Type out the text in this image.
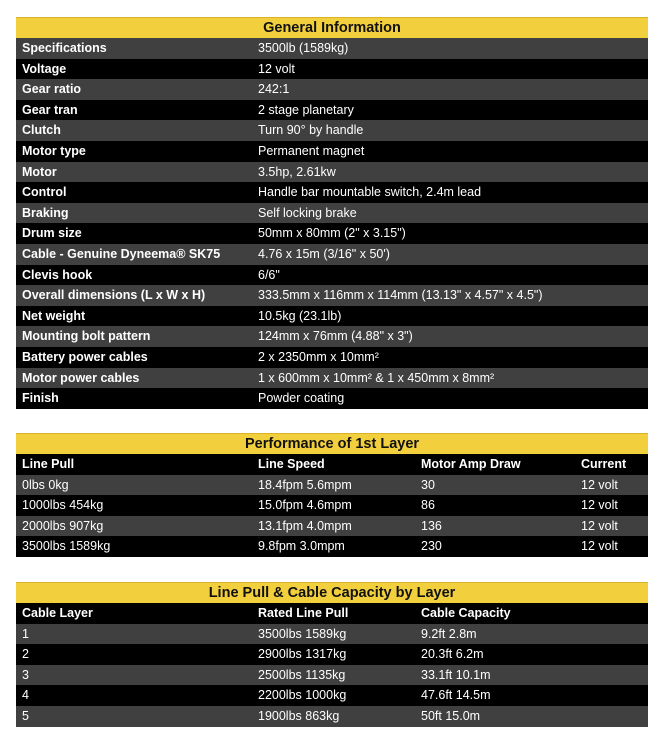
General Information
Specifications	3500lb (1589kg)
Voltage	12 volt
Gear ratio	242:1
Gear tran	2 stage planetary
Clutch	Turn 90° by handle
Motor type	Permanent magnet
Motor	3.5hp, 2.61kw
Control	Handle bar mountable switch, 2.4m lead
Braking	Self locking brake
Drum size	50mm x 80mm (2" x 3.15")
Cable - Genuine Dyneema® SK75	4.76 x 15m (3/16" x 50')
Clevis hook	6/6"
Overall dimensions (L x W x H)	333.5mm x 116mm x 114mm (13.13" x 4.57" x 4.5")
Net weight	10.5kg (23.1lb)
Mounting bolt pattern	124mm x 76mm (4.88" x 3")
Battery power cables	2 x 2350mm x 10mm²
Motor power cables	1 x 600mm x 10mm² & 1 x 450mm x 8mm²
Finish	Powder coating
Performance of 1st Layer
Line Pull	Line Speed	Motor Amp Draw	Current
0lbs 0kg	18.4fpm 5.6mpm	30	12 volt
1000lbs 454kg	15.0fpm 4.6mpm	86	12 volt
2000lbs 907kg	13.1fpm 4.0mpm	136	12 volt
3500lbs 1589kg	9.8fpm 3.0mpm	230	12 volt
Line Pull & Cable Capacity by Layer
Cable Layer	Rated Line Pull	Cable Capacity
1	3500lbs 1589kg	9.2ft 2.8m
2	2900lbs 1317kg	20.3ft 6.2m
3	2500lbs 1135kg	33.1ft 10.1m
4	2200lbs 1000kg	47.6ft 14.5m
5	1900lbs 863kg	50ft 15.0m
